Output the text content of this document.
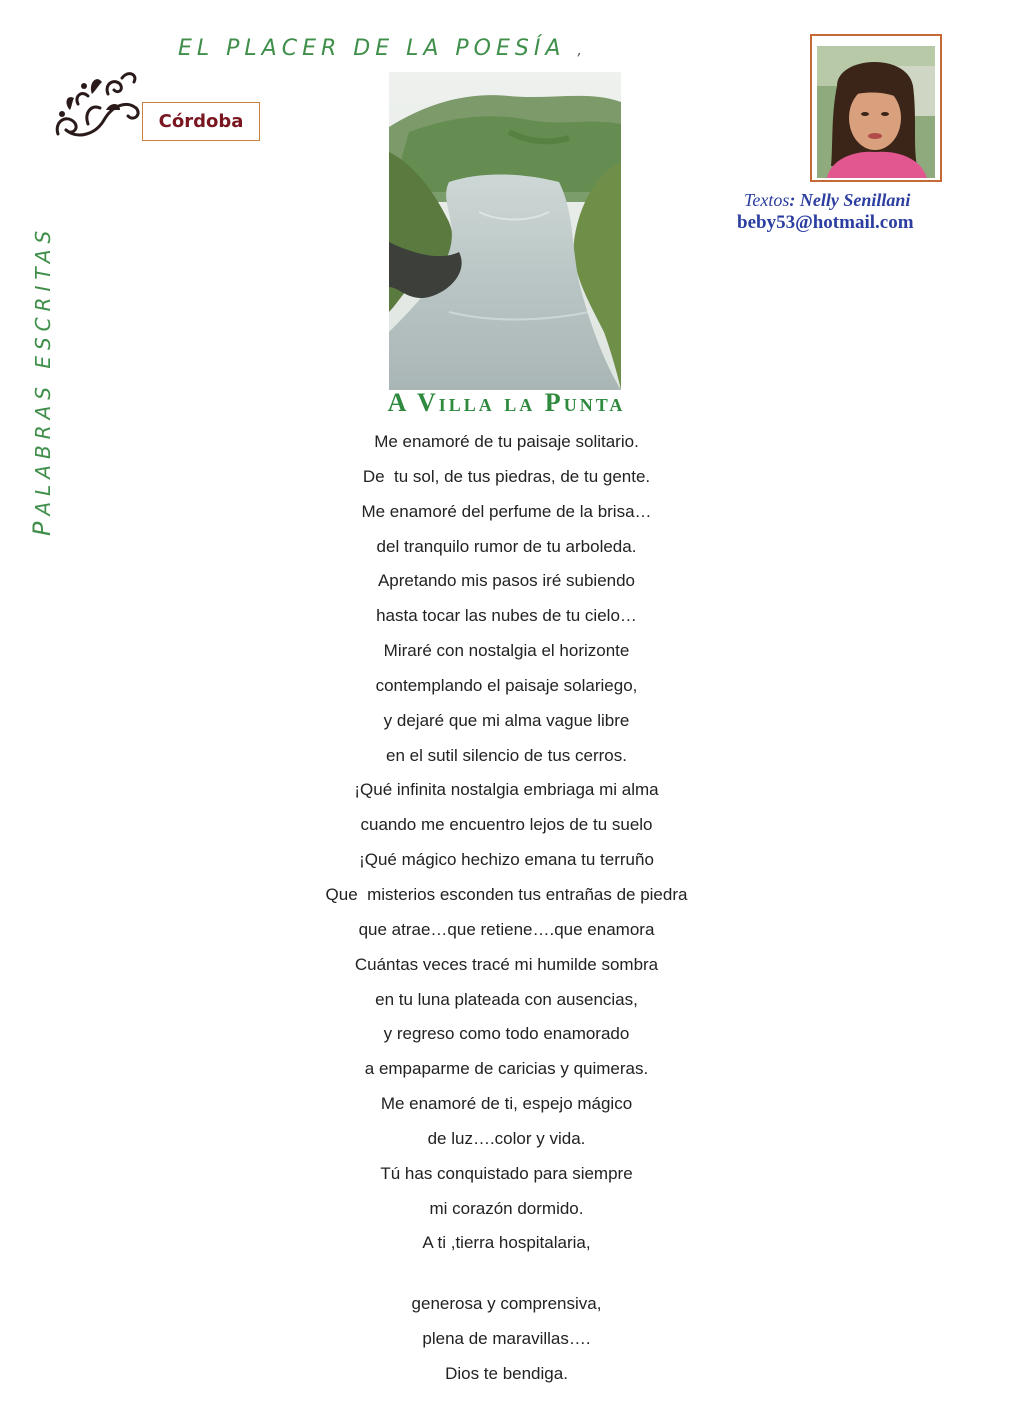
EL PLACER DE LA POESÍA ,
Córdoba
PALABRAS ESCRITAS
Textos: Nelly Senillani
beby53@hotmail.com
A Villa la Punta
Me enamoré de tu paisaje solitario.
De  tu sol, de tus piedras, de tu gente.
Me enamoré del perfume de la brisa…
del tranquilo rumor de tu arboleda.
Apretando mis pasos iré subiendo
hasta tocar las nubes de tu cielo…
Miraré con nostalgia el horizonte
contemplando el paisaje solariego,
y dejaré que mi alma vague libre
en el sutil silencio de tus cerros.
¡Qué infinita nostalgia embriaga mi alma
cuando me encuentro lejos de tu suelo
¡Qué mágico hechizo emana tu terruño
Que  misterios esconden tus entrañas de piedra
que atrae…que retiene….que enamora
Cuántas veces tracé mi humilde sombra
en tu luna plateada con ausencias,
y regreso como todo enamorado
a empaparme de caricias y quimeras.
Me enamoré de ti, espejo mágico
de luz….color y vida.
Tú has conquistado para siempre
mi corazón dormido.
A ti ,tierra hospitalaria,
generosa y comprensiva,
plena de maravillas….
Dios te bendiga.
